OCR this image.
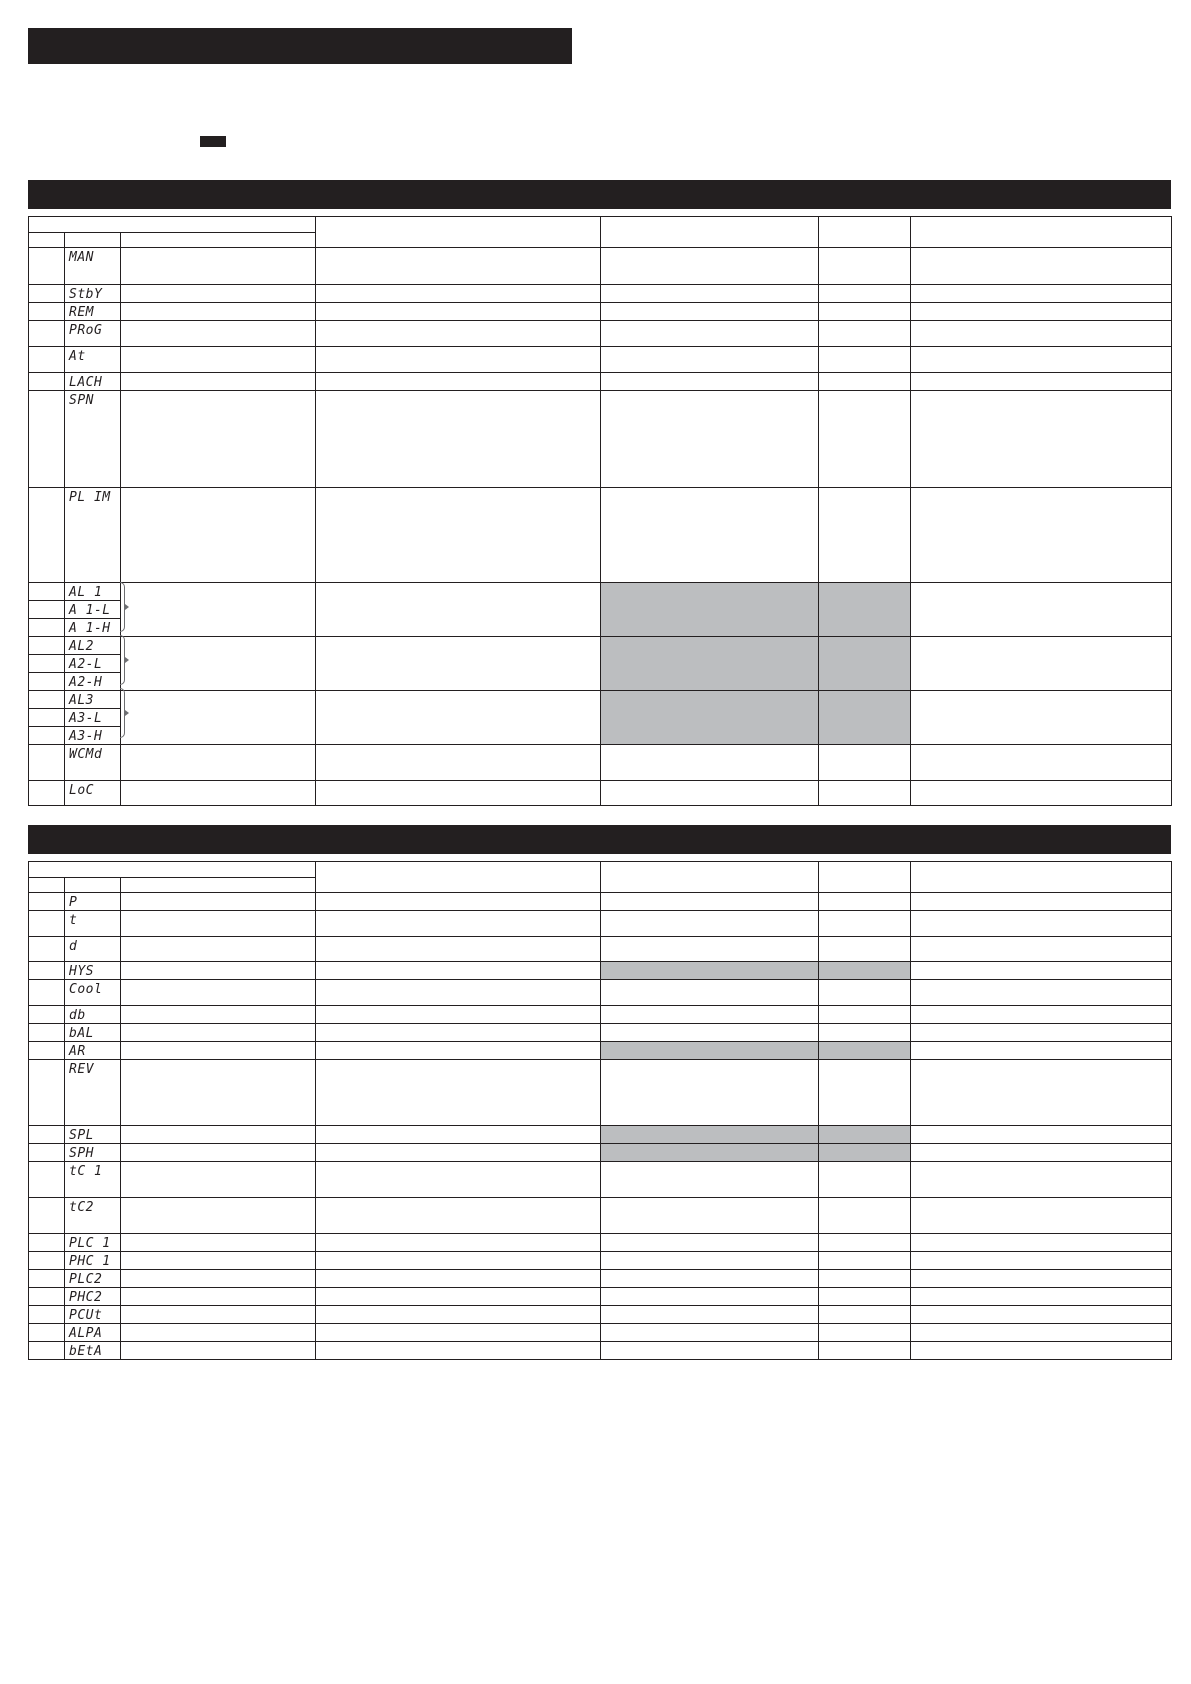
	MAN					

	StbY					

	REM					

	PRoG					

	At					

	LACH					

	SPN					

	PL IM					

	AL 1					

	A 1-L					

	A 1-H					

	AL2					

	A2-L					

	A2-H					

	AL3					

	A3-L					

	A3-H					

	WCMd					

	LoC					

	P					

	t					

	d					

	HYS					

	Cool					

	db					

	bAL					

	AR					

	REV					

	SPL					

	SPH					

	tC 1					

	tC2					

	PLC 1					

	PHC 1					

	PLC2					

	PHC2					

	PCUt					

	ALPA					

	bEtA					
